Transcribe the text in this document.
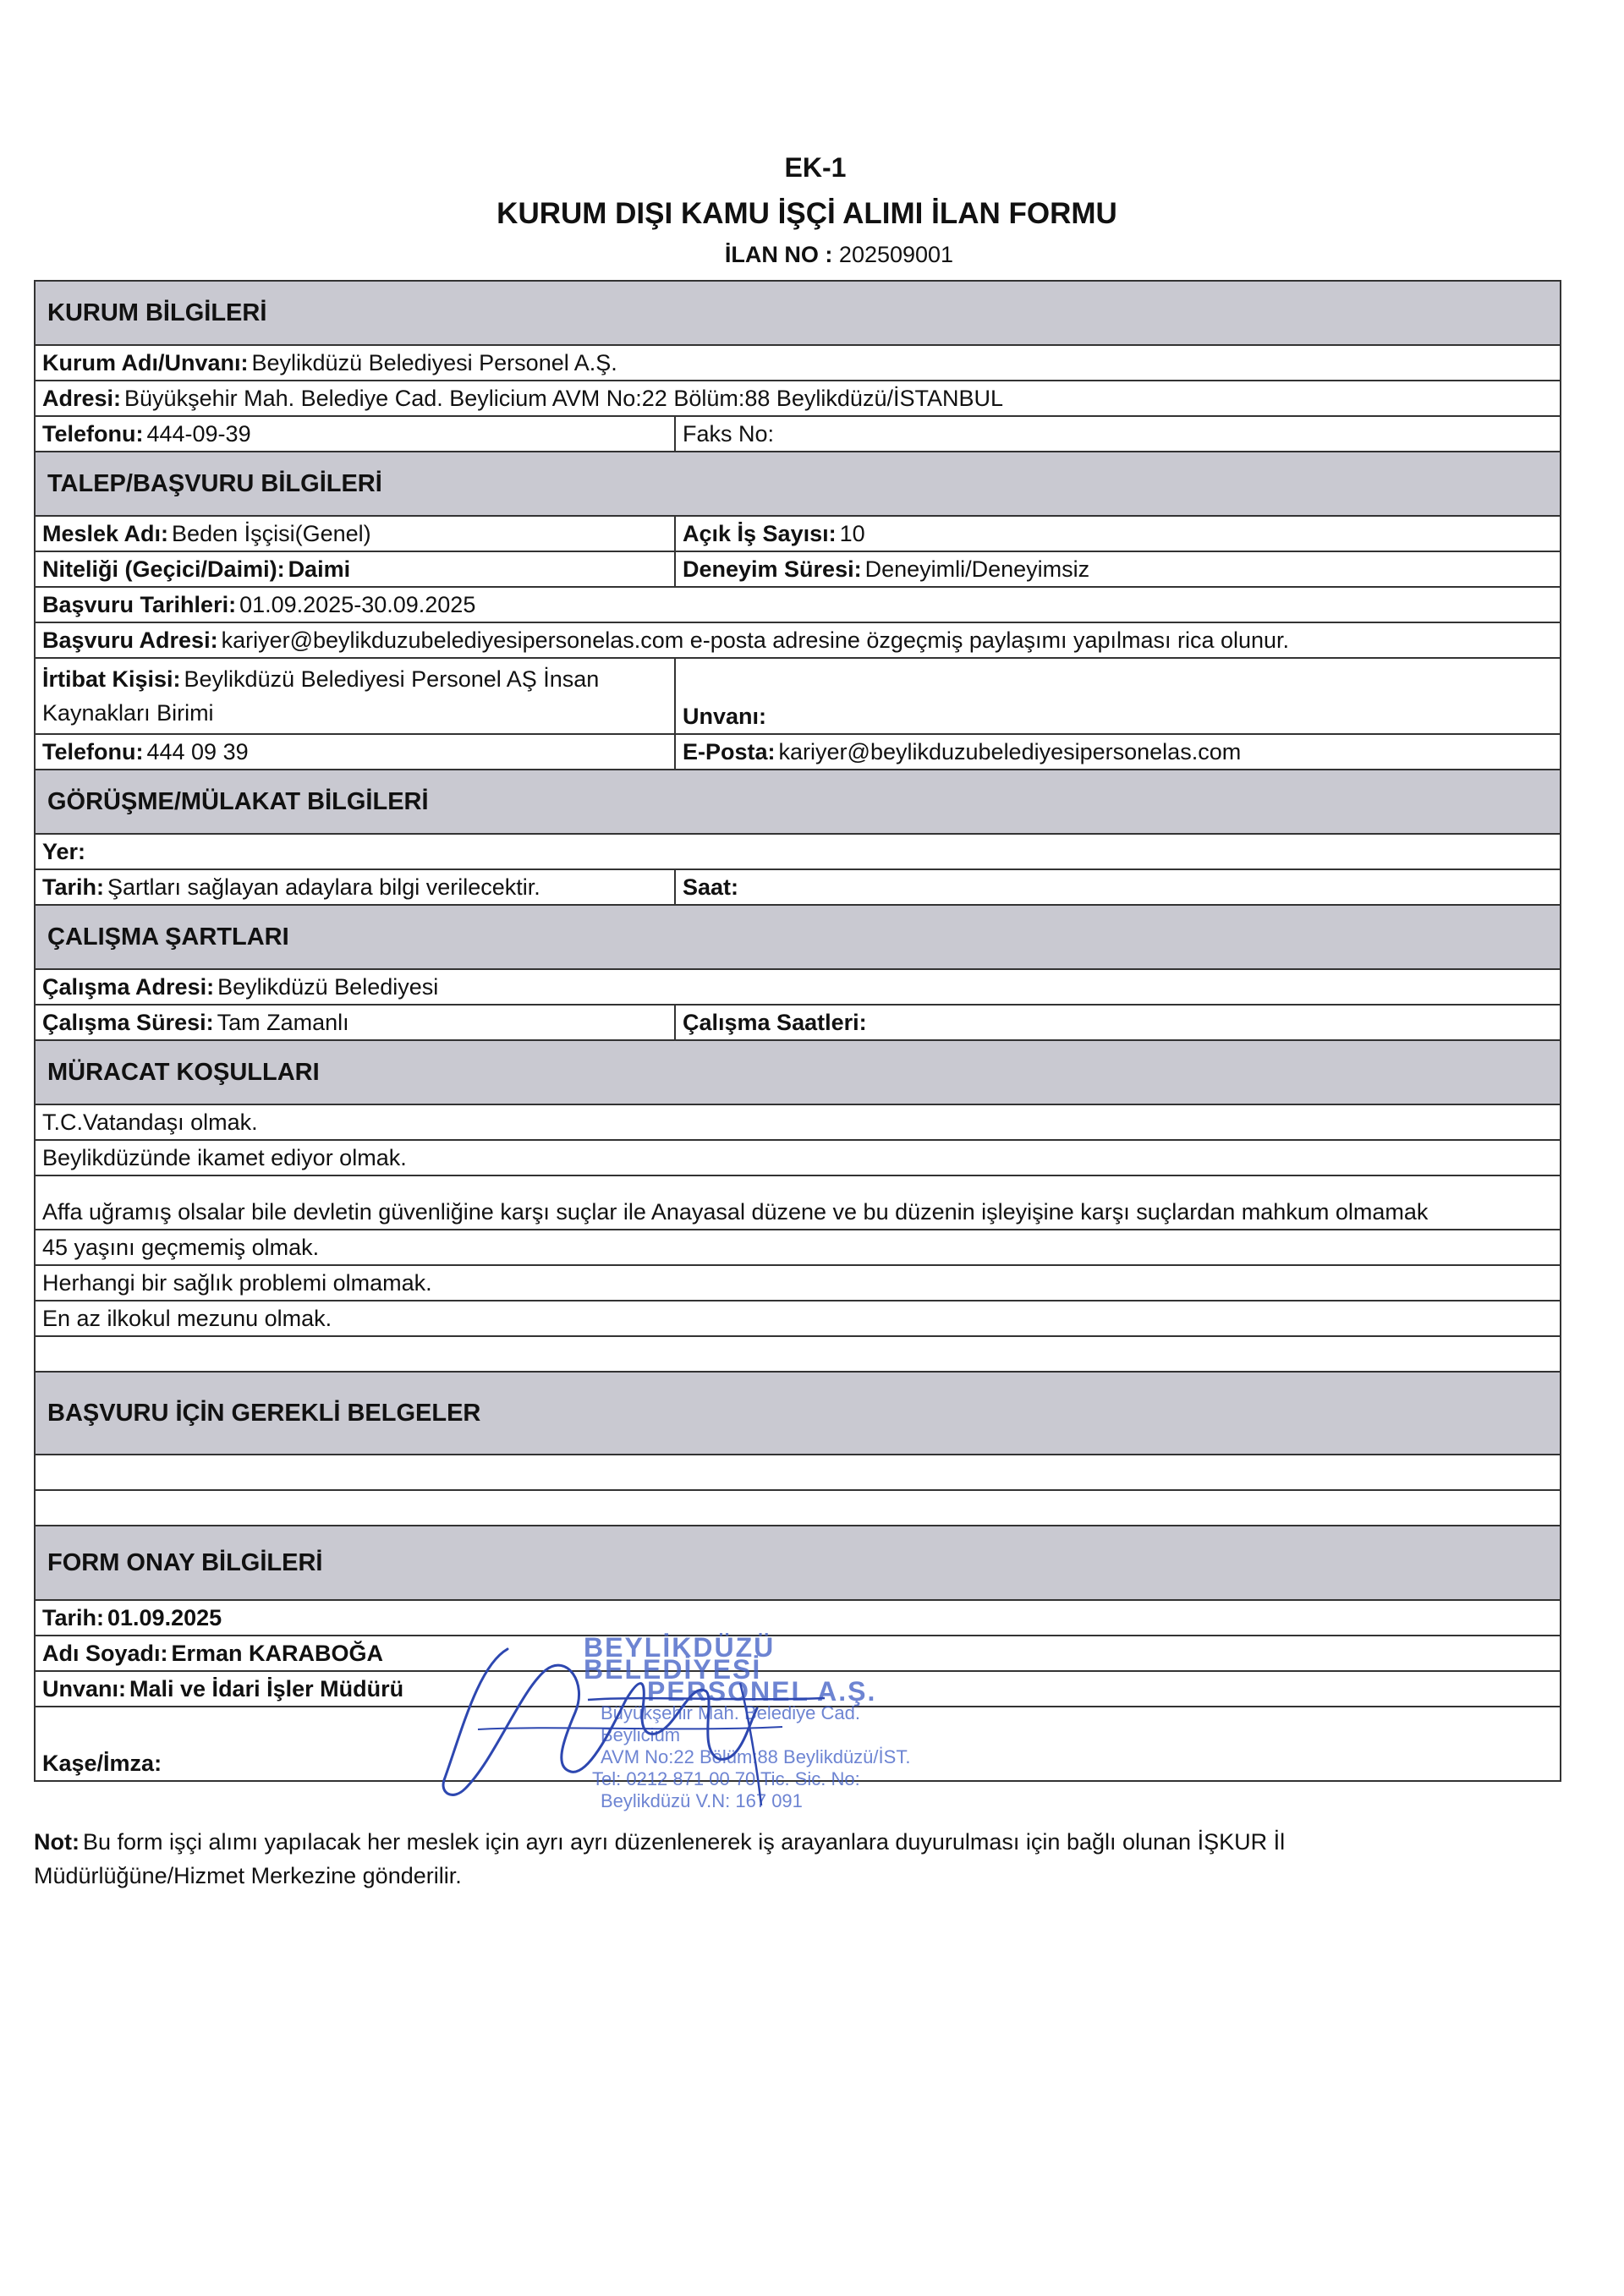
EK-1
KURUM DIŞI KAMU İŞÇİ ALIMI İLAN FORMU
İLAN NO : 202509001
KURUM BİLGİLERİ
Kurum Adı/Unvanı: Beylikdüzü Belediyesi Personel A.Ş.
Adresi: Büyükşehir Mah. Belediye Cad. Beylicium AVM No:22 Bölüm:88 Beylikdüzü/İSTANBUL
Telefonu: 444-09-39	Faks No:
TALEP/BAŞVURU BİLGİLERİ
Meslek Adı: Beden İşçisi(Genel)	Açık İş Sayısı: 10
Niteliği (Geçici/Daimi): Daimi	Deneyim Süresi: Deneyimli/Deneyimsiz
Başvuru Tarihleri: 01.09.2025-30.09.2025
Başvuru Adresi: kariyer@beylikduzubelediyesipersonelas.com e-posta adresine özgeçmiş paylaşımı yapılması rica olunur.
İrtibat Kişisi: Beylikdüzü Belediyesi Personel AŞ İnsan Kaynakları Birimi	Unvanı:
Telefonu: 444 09 39	E-Posta: kariyer@beylikduzubelediyesipersonelas.com
GÖRÜŞME/MÜLAKAT BİLGİLERİ
Yer:
Tarih: Şartları sağlayan adaylara bilgi verilecektir.	Saat:
ÇALIŞMA ŞARTLARI
Çalışma Adresi: Beylikdüzü Belediyesi
Çalışma Süresi: Tam Zamanlı	Çalışma Saatleri:
MÜRACAT KOŞULLARI
T.C.Vatandaşı olmak.
Beylikdüzünde ikamet ediyor olmak.
Affa uğramış olsalar bile devletin güvenliğine karşı suçlar ile Anayasal düzene ve bu düzenin işleyişine karşı suçlardan mahkum olmamak
45 yaşını geçmemiş olmak.
Herhangi bir sağlık problemi olmamak.
En az ilkokul mezunu olmak.
BAŞVURU İÇİN GEREKLİ BELGELER
FORM ONAY BİLGİLERİ
Tarih: 01.09.2025
Adı Soyadı: Erman KARABOĞA
Unvanı: Mali ve İdari İşler Müdürü
Kaşe/İmza:
BEYLİKDÜZÜ BELEDİYESİ
PERSONEL A.Ş.
Büyükşehir Mah. Belediye Cad. Beylicium
AVM No:22 Bölüm:88 Beylikdüzü/İST.
Tel: 0212 871 00 70 Tic. Sic. No:
Beylikdüzü V.N: 167 091
Not: Bu form işçi alımı yapılacak her meslek için ayrı ayrı düzenlenerek iş arayanlara duyurulması için bağlı olunan İŞKUR İl Müdürlüğüne/Hizmet Merkezine gönderilir.
